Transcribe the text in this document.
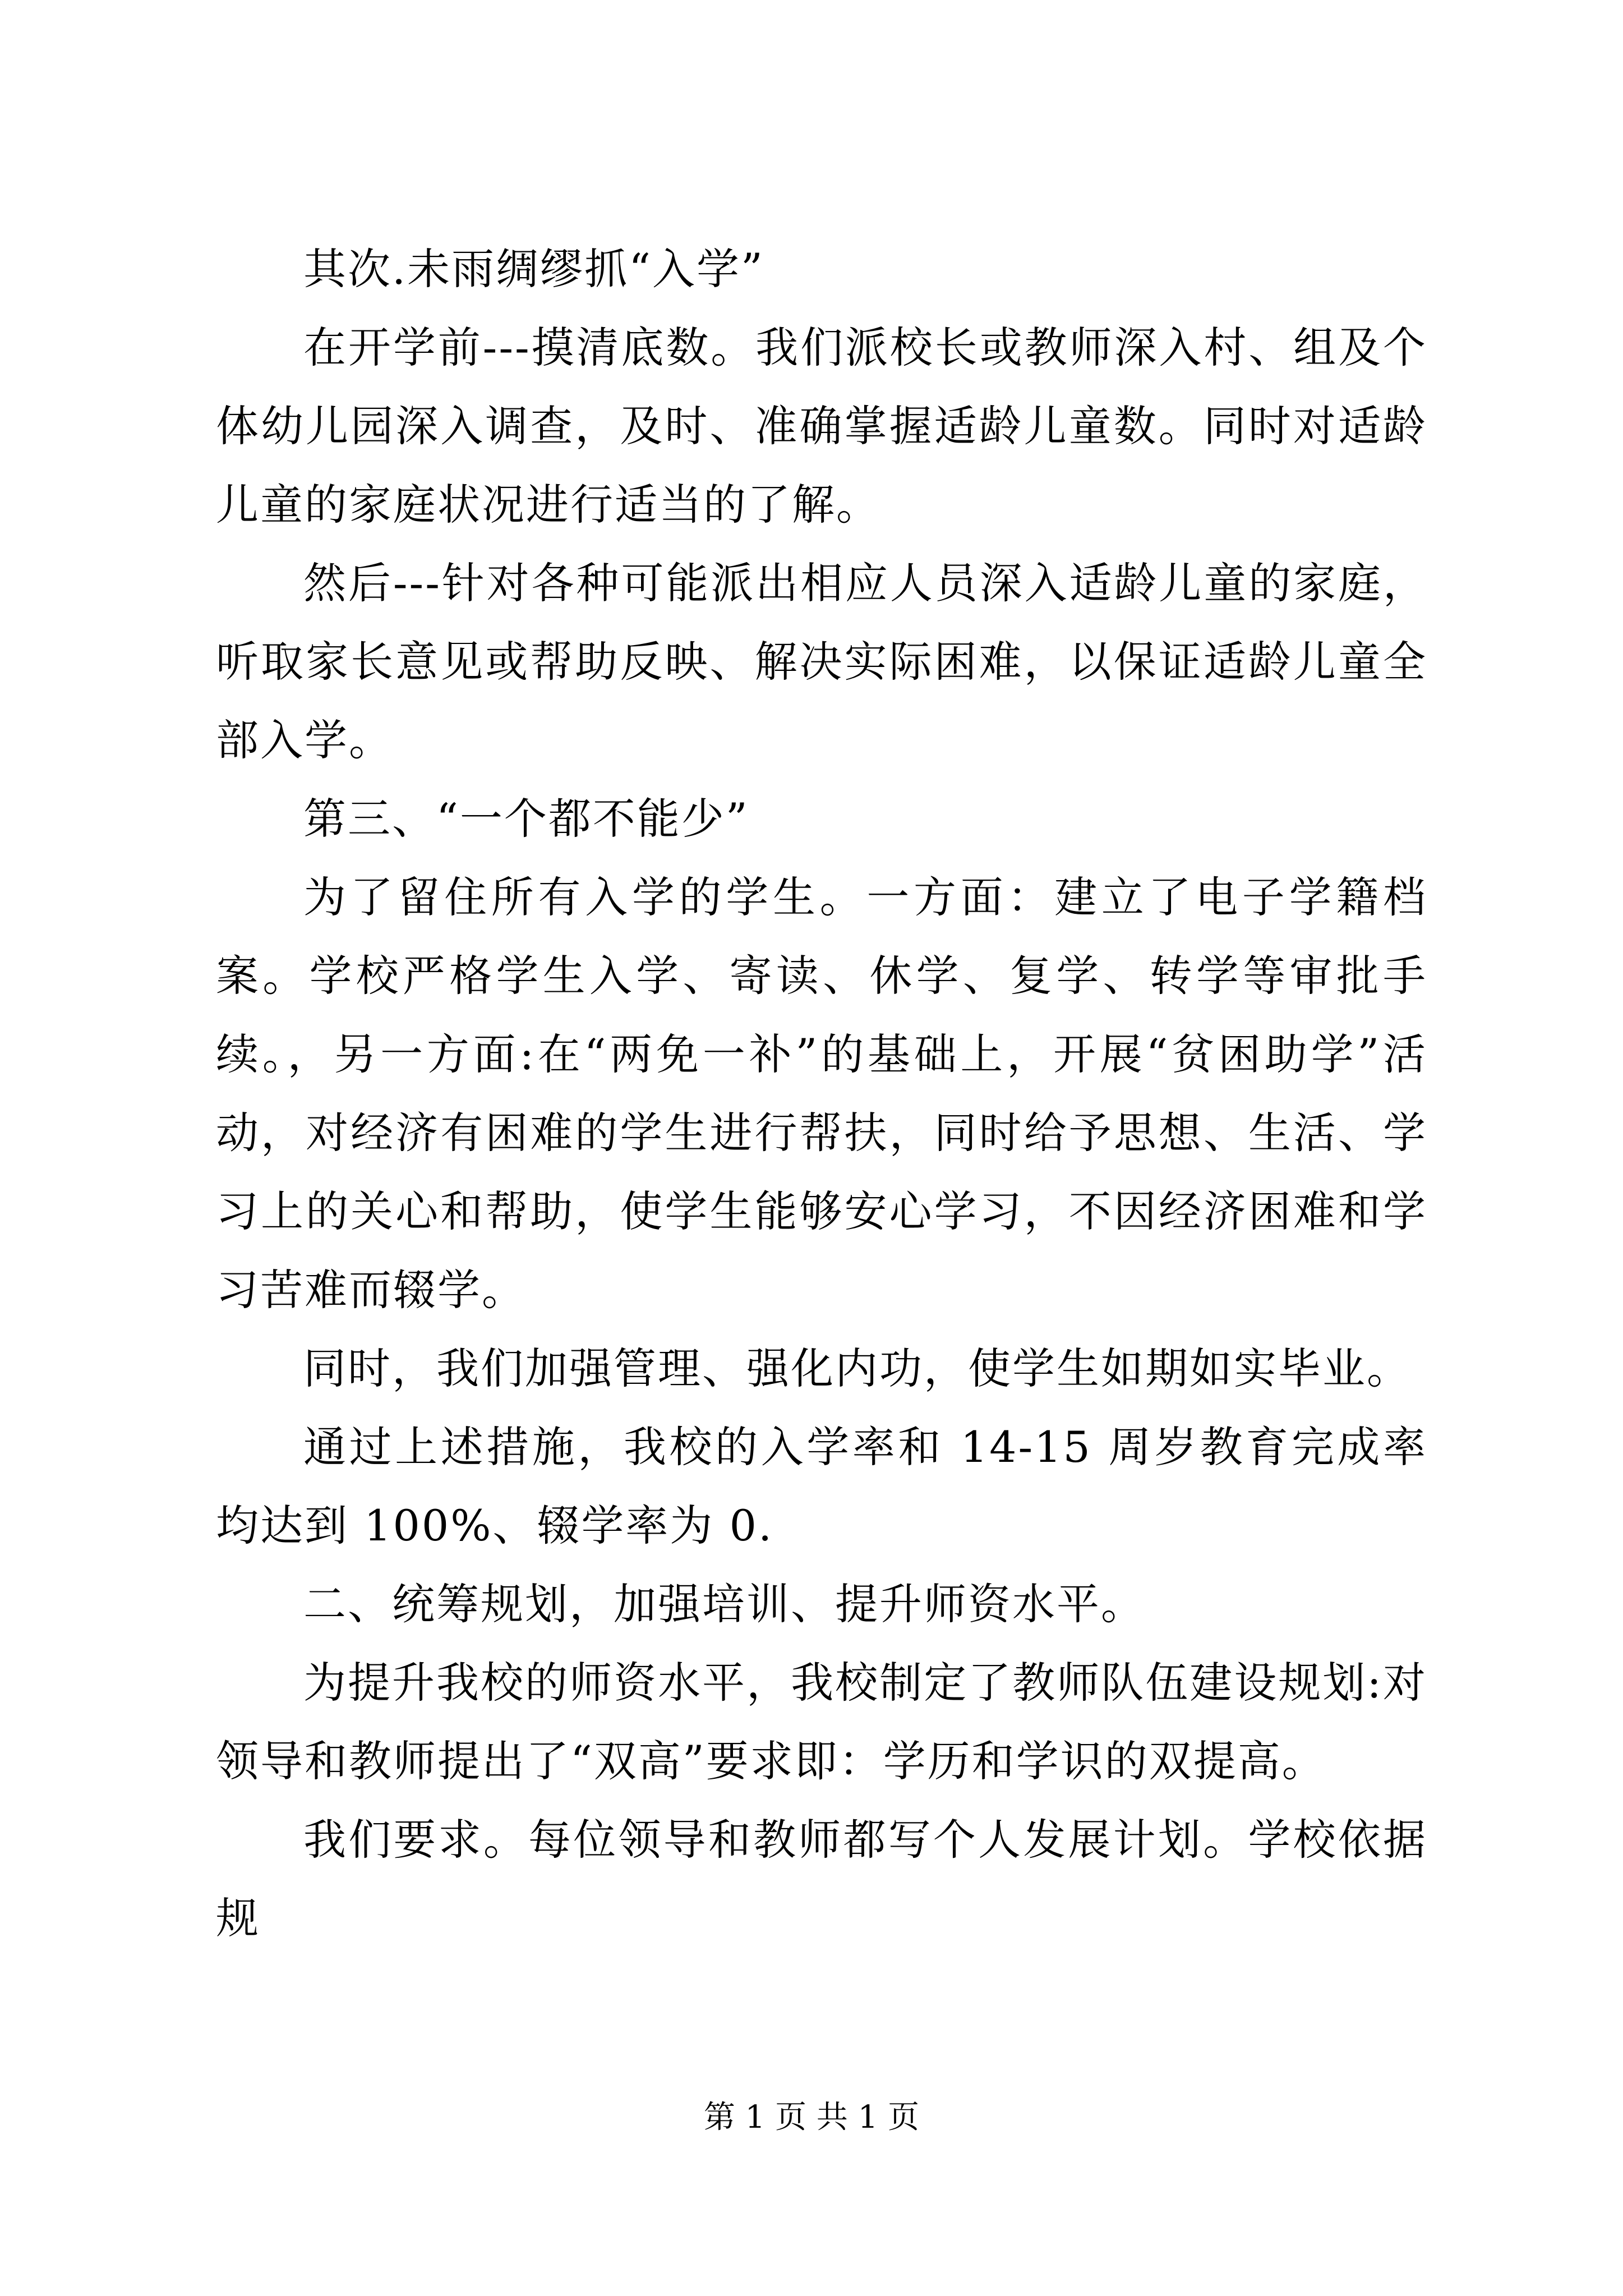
其次.未雨绸缪抓“入学”

在开学前---摸清底数。我们派校长或教师深入村、组及个体幼儿园深入调查，及时、准确掌握适龄儿童数。同时对适龄儿童的家庭状况进行适当的了解。

然后---针对各种可能派出相应人员深入适龄儿童的家庭，听取家长意见或帮助反映、解决实际困难，以保证适龄儿童全部入学。

第三、“一个都不能少”

为了留住所有入学的学生。一方面：建立了电子学籍档案。学校严格学生入学、寄读、休学、复学、转学等审批手续。，另一方面:在“两免一补”的基础上，开展“贫困助学”活动，对经济有困难的学生进行帮扶，同时给予思想、生活、学习上的关心和帮助，使学生能够安心学习，不因经济困难和学习苦难而辍学。

同时，我们加强管理、强化内功，使学生如期如实毕业。

通过上述措施，我校的入学率和 14-15 周岁教育完成率均达到 100%、辍学率为 0.

二、统筹规划，加强培训、提升师资水平。

为提升我校的师资水平，我校制定了教师队伍建设规划:对领导和教师提出了“双高”要求即：学历和学识的双提高。

我们要求。每位领导和教师都写个人发展计划。学校依据规

第 1 页 共 1 页
